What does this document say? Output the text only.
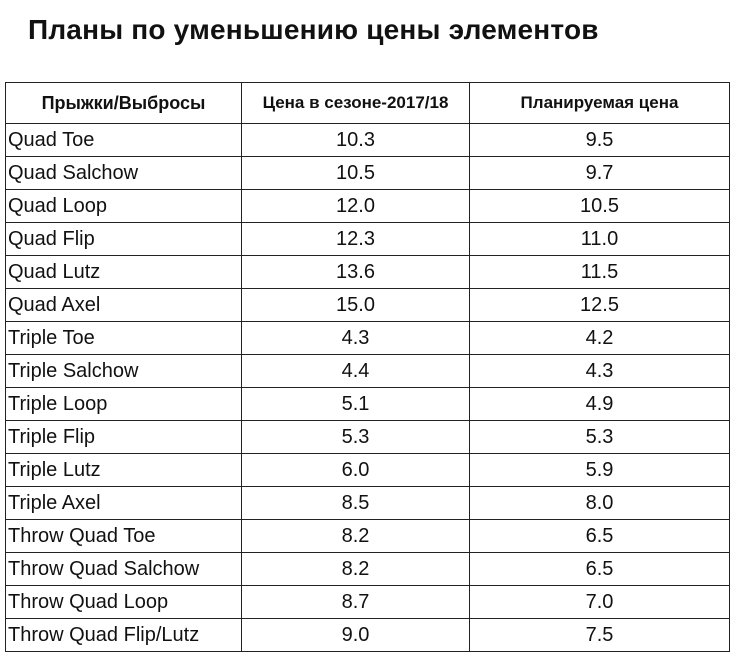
Планы по уменьшению цены элементов
Прыжки/Выбросы	Цена в сезоне-2017/18	Планируемая цена
Quad Toe	10.3	9.5
Quad Salchow	10.5	9.7
Quad Loop	12.0	10.5
Quad Flip	12.3	11.0
Quad Lutz	13.6	11.5
Quad Axel	15.0	12.5
Triple Toe	4.3	4.2
Triple Salchow	4.4	4.3
Triple Loop	5.1	4.9
Triple Flip	5.3	5.3
Triple Lutz	6.0	5.9
Triple Axel	8.5	8.0
Throw Quad Toe	8.2	6.5
Throw Quad Salchow	8.2	6.5
Throw Quad Loop	8.7	7.0
Throw Quad Flip/Lutz	9.0	7.5
